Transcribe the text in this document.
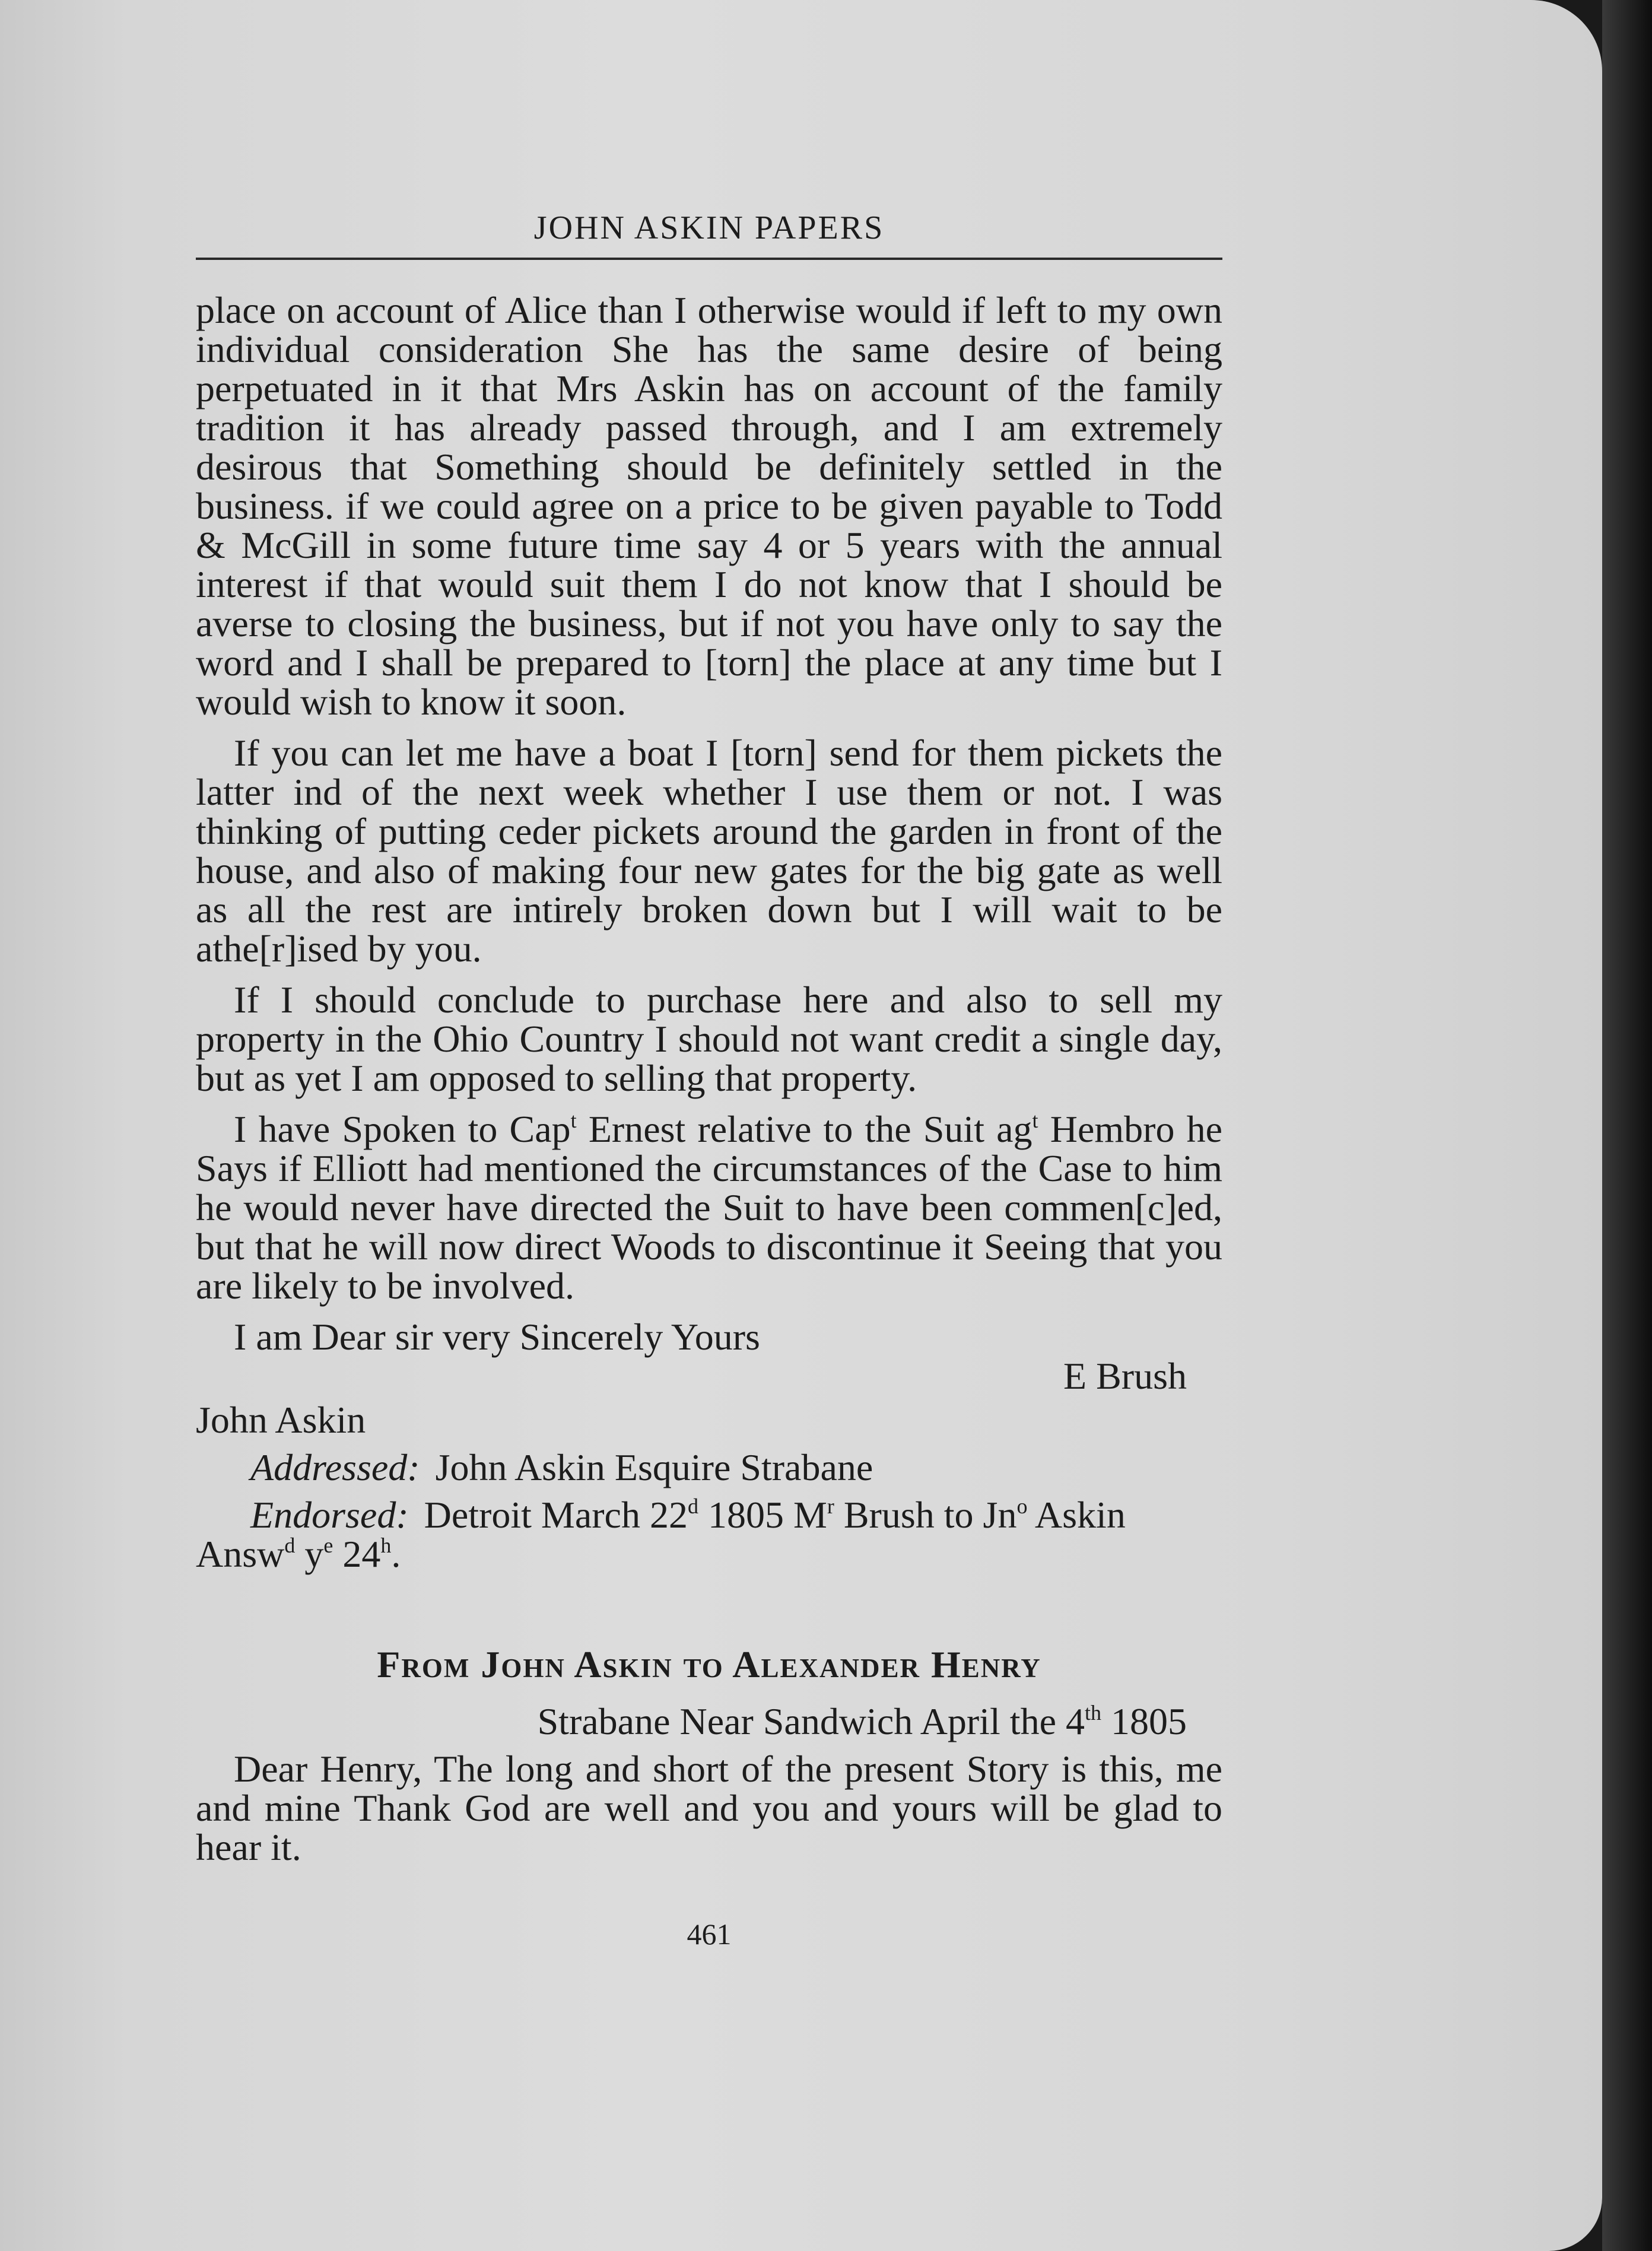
JOHN ASKIN PAPERS

place on account of Alice than I otherwise would if left to my own individual consideration She has the same desire of being perpetuated in it that Mrs Askin has on account of the family tradition it has already passed through, and I am extremely desirous that Something should be definitely settled in the business. if we could agree on a price to be given payable to Todd & McGill in some future time say 4 or 5 years with the annual interest if that would suit them I do not know that I should be averse to closing the business, but if not you have only to say the word and I shall be prepared to [torn] the place at any time but I would wish to know it soon.

If you can let me have a boat I [torn] send for them pickets the latter ind of the next week whether I use them or not. I was thinking of putting ceder pickets around the garden in front of the house, and also of making four new gates for the big gate as well as all the rest are intirely broken down but I will wait to be athe[r]ised by you.

If I should conclude to purchase here and also to sell my property in the Ohio Country I should not want credit a single day, but as yet I am opposed to selling that property.

I have Spoken to Cap$^t$ Ernest relative to the Suit $ag^t$ Hembro he Says if Elliott had mentioned the circumstances of the Case to him he would never have directed the Suit to have been commen[c]ed, but that he will now direct Woods to discontinue it Seeing that you are likely to be involved.

I am Dear sir very Sincerely Yours

E Brush

John Askin

Addressed: John Askin Esquire Strabane

Endorsed: Detroit March 22$^d$ 1805 $M^r$ Brush to Jn$^o$ Askin Answ$^d$ $y^e$ 24$^h$.

From John Askin to Alexander Henry

Strabane Near Sandwich April the 4th 1805

Dear Henry, The long and short of the present Story is this, me and mine Thank God are well and you and yours will be glad to hear it.

461
